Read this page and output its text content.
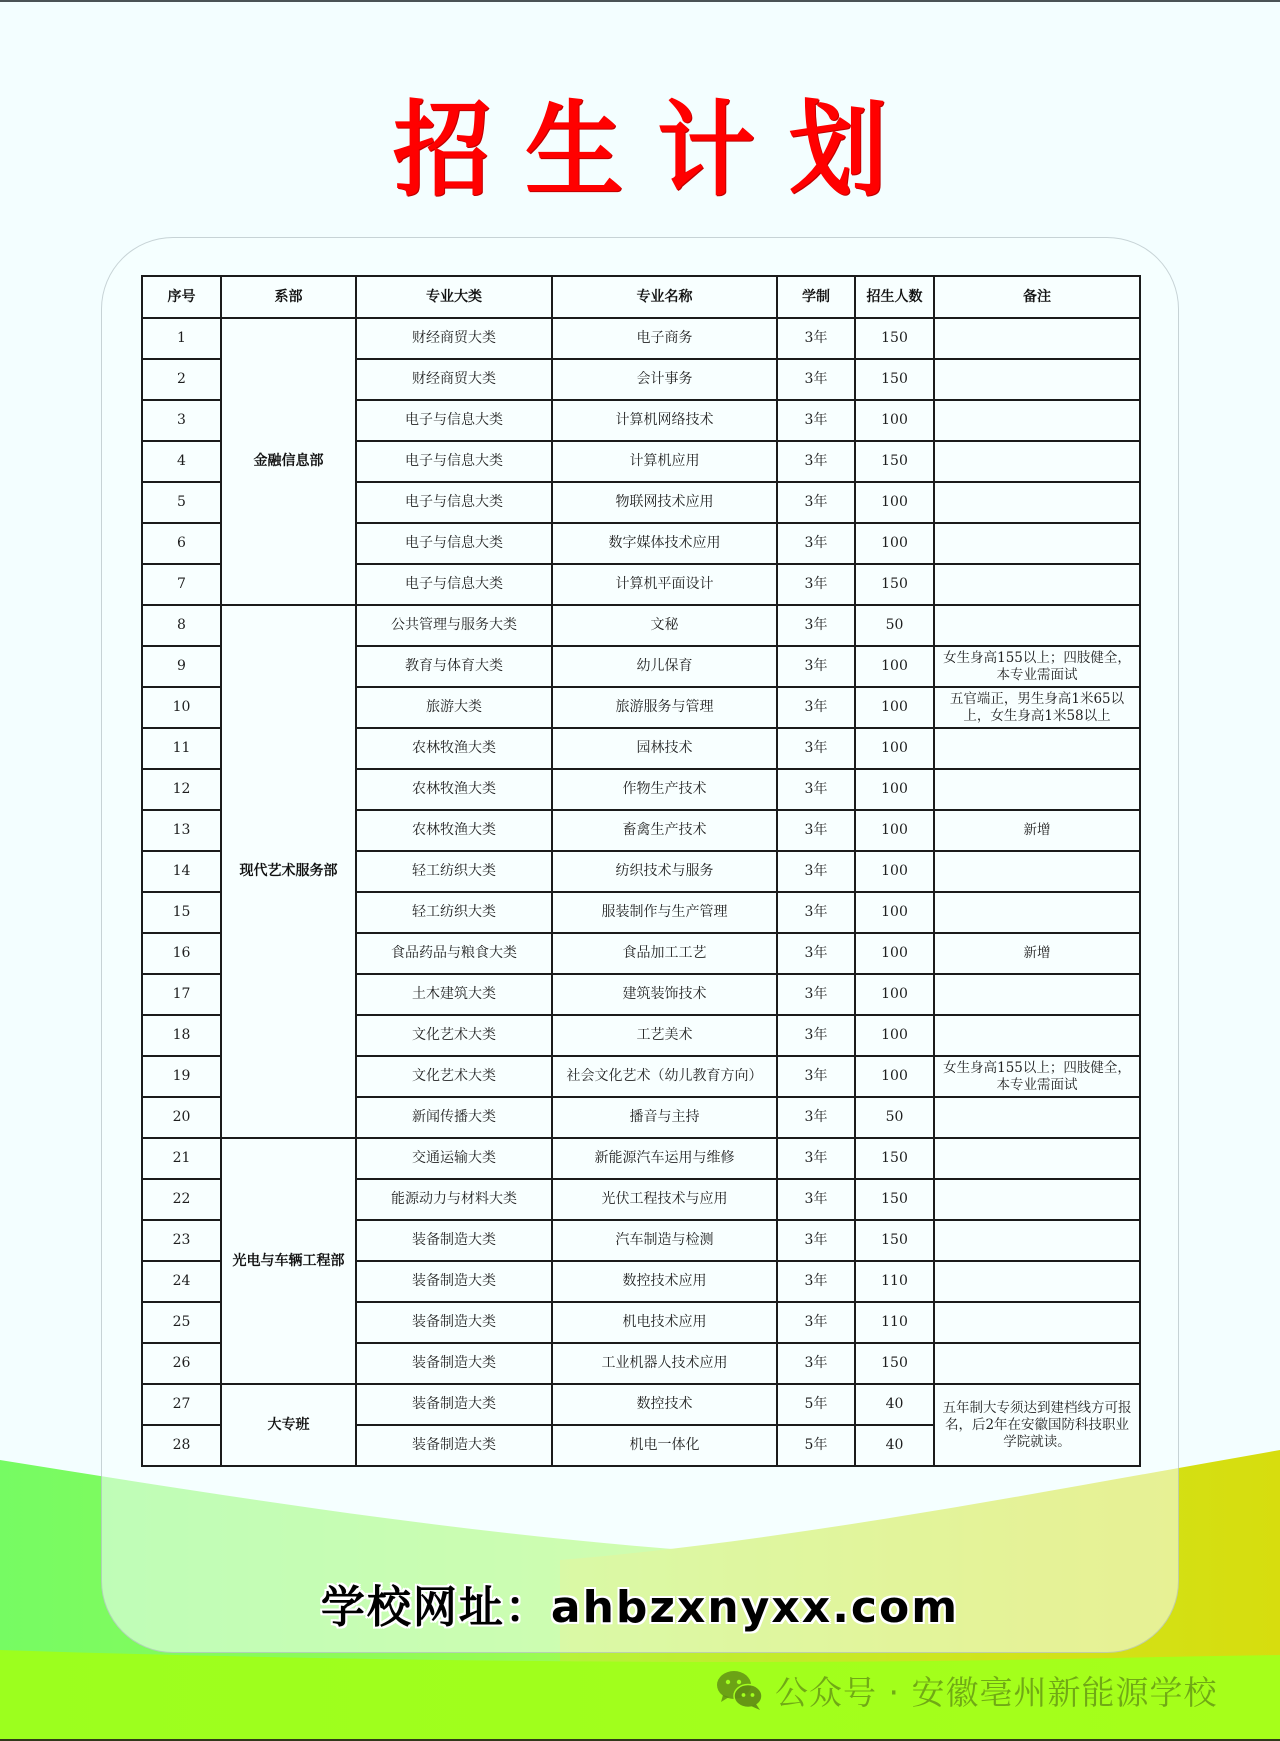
招生计划
序号	系部	专业大类	专业名称	学制	招生人数	备注
1	金融信息部	财经商贸大类	电子商务	3年	150	
2		财经商贸大类	会计事务	3年	150	
3		电子与信息大类	计算机网络技术	3年	100	
4		电子与信息大类	计算机应用	3年	150	
5		电子与信息大类	物联网技术应用	3年	100	
6		电子与信息大类	数字媒体技术应用	3年	100	
7		电子与信息大类	计算机平面设计	3年	150	
8	现代艺术服务部	公共管理与服务大类	文秘	3年	50	
9		教育与体育大类	幼儿保育	3年	100	女生身高155以上；四肢健全，本专业需面试
10		旅游大类	旅游服务与管理	3年	100	五官端正，男生身高1米65以上，女生身高1米58以上
11		农林牧渔大类	园林技术	3年	100	
12		农林牧渔大类	作物生产技术	3年	100	
13		农林牧渔大类	畜禽生产技术	3年	100	新增
14		轻工纺织大类	纺织技术与服务	3年	100	
15		轻工纺织大类	服装制作与生产管理	3年	100	
16		食品药品与粮食大类	食品加工工艺	3年	100	新增
17		土木建筑大类	建筑装饰技术	3年	100	
18		文化艺术大类	工艺美术	3年	100	
19		文化艺术大类	社会文化艺术（幼儿教育方向）	3年	100	女生身高155以上；四肢健全，本专业需面试
20		新闻传播大类	播音与主持	3年	50	
21	光电与车辆工程部	交通运输大类	新能源汽车运用与维修	3年	150	
22		能源动力与材料大类	光伏工程技术与应用	3年	150	
23		装备制造大类	汽车制造与检测	3年	150	
24		装备制造大类	数控技术应用	3年	110	
25		装备制造大类	机电技术应用	3年	110	
26		装备制造大类	工业机器人技术应用	3年	150	
27	大专班	装备制造大类	数控技术	5年	40	五年制大专须达到建档线方可报名，后2年在安徽国防科技职业学院就读。
28		装备制造大类	机电一体化	5年	40	
学校网址：ahbzxnyxx.com
公众号 · 安徽亳州新能源学校
